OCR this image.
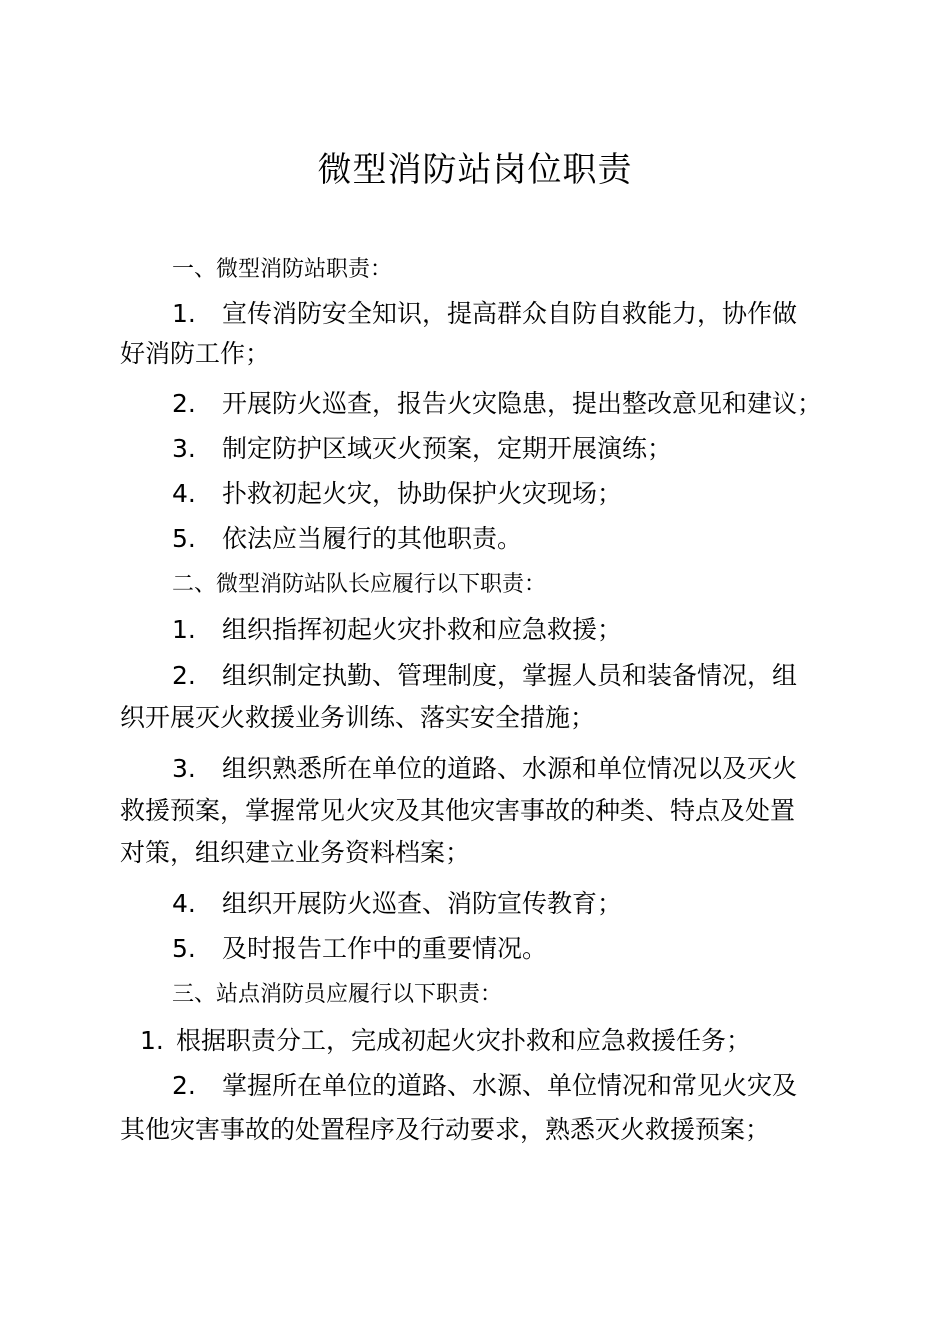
微型消防站岗位职责
一、微型消防站职责：
1. 宣传消防安全知识，提高群众自防自救能力，协作做
好消防工作；
2. 开展防火巡查，报告火灾隐患，提出整改意见和建议；
3. 制定防护区域灭火预案，定期开展演练；
4. 扑救初起火灾，协助保护火灾现场；
5. 依法应当履行的其他职责。
二、微型消防站队长应履行以下职责：
1. 组织指挥初起火灾扑救和应急救援；
2. 组织制定执勤、管理制度，掌握人员和装备情况，组
织开展灭火救援业务训练、落实安全措施；
3. 组织熟悉所在单位的道路、水源和单位情况以及灭火
救援预案，掌握常见火灾及其他灾害事故的种类、特点及处置
对策，组织建立业务资料档案；
4. 组织开展防火巡查、消防宣传教育；
5. 及时报告工作中的重要情况。
三、站点消防员应履行以下职责：
1. 根据职责分工，完成初起火灾扑救和应急救援任务；
2. 掌握所在单位的道路、水源、单位情况和常见火灾及
其他灾害事故的处置程序及行动要求，熟悉灭火救援预案；
